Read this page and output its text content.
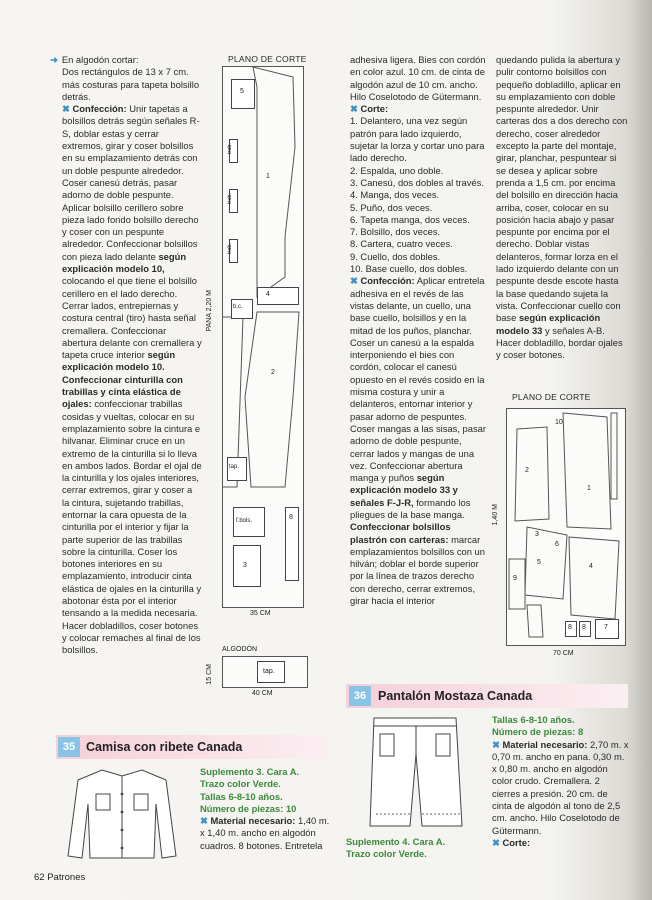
➜ En algodón cortar:

Dos rectángulos de 13 x 7 cm. más costuras para tapeta bolsillo detrás.

✖ Confección: Unir tapetas a bolsillos detrás según señales R-S, doblar estas y cerrar extremos, girar y coser bolsillos en su emplazamiento detrás con un doble pespunte alrededor. Coser canesú detrás, pasar adorno de doble pespunte. Aplicar bolsillo cerillero sobre pieza lado fondo bolsillo derecho y coser con un pespunte alrededor. Confeccionar bolsillos con pieza lado delante según explicación modelo 10, colocando el que tiene el bolsillo cerillero en el lado derecho. Cerrar lados, entrepiernas y costura central (tiro) hasta señal cremallera. Confeccionar abertura delante con cremallera y tapeta cruce interior según explicación modelo 10. Confeccionar cinturilla con trabillas y cinta elástica de ojales: confeccionar trabillas cosidas y vueltas, colocar en su emplazamiento sobre la cintura e hilvanar. Eliminar cruce en un extremo de la cinturilla si lo lleva en ambos lados. Bordar el ojal de la cinturilla y los ojales interiores, cerrar extremos, girar y coser a la cintura, sujetando trabillas, entornar la cara opuesta de la cinturilla por el interior y fijar la parte superior de las trabillas sobre la cinturilla. Coser los botones interiores en su emplazamiento, introducir cinta elástica de ojales en la cinturilla y abotonar ésta por el interior tensando a la medida necesaria. Hacer dobladillos, coser botones y colocar remaches al final de los bolsillos.

PLANO DE CORTE
5
1
trab.
trab.
trab.
4
b.c.
2
tap.
f.bols.	8
3
PANA 2,20 M
35 CM
ALGODÓN
tap.
15 CM
40 CM

adhesiva ligera. Bies con cordón en color azul. 10 cm. de cinta de algodón azul de 10 cm. ancho. Hilo Coselotodo de Gütermann.

✖ Corte:

1. Delantero, una vez según patrón para lado izquierdo, sujetar la lorza y cortar uno para lado derecho.

2. Espalda, uno doble.

3. Canesú, dos dobles al través.

4. Manga, dos veces.

5. Puño, dos veces.

6. Tapeta manga, dos veces.

7. Bolsillo, dos veces.

8. Cartera, cuatro veces.

9. Cuello, dos dobles.

10. Base cuello, dos dobles.

✖ Confección: Aplicar entretela adhesiva en el revés de las vistas delante, un cuello, una base cuello, bolsillos y en la mitad de los puños, planchar. Coser un canesú a la espalda interponiendo el bies con cordón, colocar el canesú opuesto en el revés cosido en la misma costura y unir a delanteros, entornar interior y pasar adorno de pespuntes. Coser mangas a las sisas, pasar adorno de doble pespunte, cerrar lados y mangas de una vez. Confeccionar abertura manga y puños según explicación modelo 33 y señales F-J-R, formando los pliegues de la base manga. Confeccionar bolsillos plastrón con carteras: marcar emplazamientos bolsillos con un hilván; doblar el borde superior por la línea de trazos derecho con derecho, cerrar extremos, girar hacia el interior

quedando pulida la abertura y pulir contorno bolsillos con pequeño dobladillo, aplicar en su emplazamiento con doble pespunte alrededor. Unir carteras dos a dos derecho con derecho, coser alrededor excepto la parte del montaje, girar, planchar, pespuntear si se desea y aplicar sobre prenda a 1,5 cm. por encima del bolsillo en dirección hacia arriba, coser, colocar en su posición hacia abajo y pasar pespunte por encima por el derecho. Doblar vistas delanteros, formar lorza en el lado izquierdo delante con un pespunte desde escote hasta la base quedando sujeta la vista. Confeccionar cuello con base según explicación modelo 33 y señales A-B. Hacer dobladillo, bordar ojales y coser botones.

PLANO DE CORTE
10
2
1
3
5
6
4
9
8 8	7
1,40 M
70 CM
36 Pantalón Mostaza Canada

Suplemento 4. Cara A.

Trazo color Verde.

Tallas 6-8-10 años.

Número de piezas: 8

✖ Material necesario: 2,70 m. x 0,70 m. ancho en pana. 0,30 m. x 0,80 m. ancho en algodón color crudo. Cremallera. 2 cierres a presión. 20 cm. de cinta de algodón al tono de 2,5 cm. ancho. Hilo Coselotodo de Gütermann.

✖ Corte:

35 Camisa con ribete Canada

Suplemento 3. Cara A.

Trazo color Verde.

Tallas 6-8-10 años.

Número de piezas: 10

✖ Material necesario: 1,40 m. x 1,40 m. ancho en algodón cuadros. 8 botones. Entretela

62 Patrones
